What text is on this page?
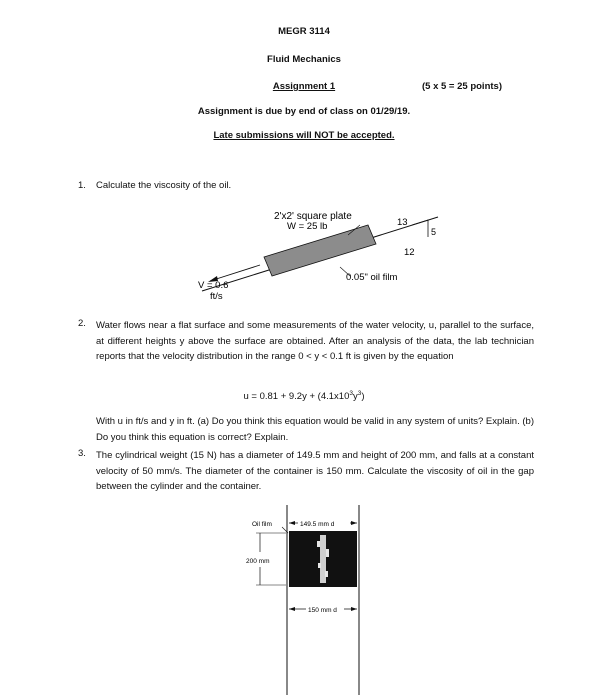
MEGR 3114
Fluid Mechanics
Assignment 1	(5 x 5 = 25 points)
Assignment is due by end of class on 01/29/19.
Late submissions will NOT be accepted.
1. Calculate the viscosity of the oil.
2'x2' square plate
W = 25 lb	13
5
12
0.05" oil film
V = 0.6
ft/s
2. Water flows near a flat surface and some measurements of the water velocity, u, parallel to the surface, at different heights y above the surface are obtained. After an analysis of the data, the lab technician reports that the velocity distribution in the range 0 < y < 0.1 ft is given by the equation
$u = 0.81 + 9.2y + (4.1x10^3y^3)$
With u in ft/s and y in ft. (a) Do you think this equation would be valid in any system of units? Explain. (b) Do you think this equation is correct? Explain.
3. The cylindrical weight (15 N) has a diameter of 149.5 mm and height of 200 mm, and falls at a constant velocity of 50 mm/s. The diameter of the container is 150 mm. Calculate the viscosity of oil in the gap between the cylinder and the container.
149.5 mm d
Oil film
200 mm
150 mm d
